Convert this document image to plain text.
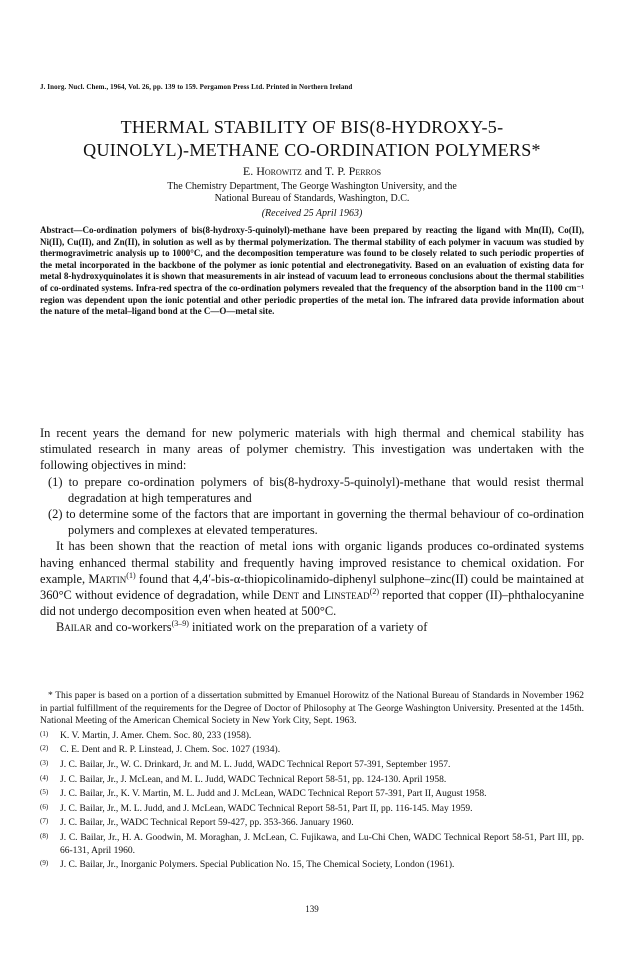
J. Inorg. Nucl. Chem., 1964, Vol. 26, pp. 139 to 159. Pergamon Press Ltd. Printed in Northern Ireland
THERMAL STABILITY OF BIS(8-HYDROXY-5-
QUINOLYL)-METHANE CO-ORDINATION POLYMERS*
E. Horowitz and T. P. Perros
The Chemistry Department, The George Washington University, and the
National Bureau of Standards, Washington, D.C.
(Received 25 April 1963)
Abstract—Co-ordination polymers of bis(8-hydroxy-5-quinolyl)-methane have been prepared by reacting the ligand with Mn(II), Co(II), Ni(II), Cu(II), and Zn(II), in solution as well as by thermal polymerization. The thermal stability of each polymer in vacuum was studied by thermogravimetric analysis up to 1000°C, and the decomposition temperature was found to be closely related to such periodic properties of the metal incorporated in the backbone of the polymer as ionic potential and electronegativity. Based on an evaluation of existing data for metal 8-hydroxyquinolates it is shown that measurements in air instead of vacuum lead to erroneous conclusions about the thermal stabilities of co-ordinated systems. Infra-red spectra of the co-ordination polymers revealed that the frequency of the absorption band in the 1100 cm⁻¹ region was dependent upon the ionic potential and other periodic properties of the metal ion. The infrared data provide information about the nature of the metal–ligand bond at the C—O—metal site.

In recent years the demand for new polymeric materials with high thermal and chemical stability has stimulated research in many areas of polymer chemistry. This investigation was undertaken with the following objectives in mind:

(1) to prepare co-ordination polymers of bis(8-hydroxy-5-quinolyl)-methane that would resist thermal degradation at high temperatures and

(2) to determine some of the factors that are important in governing the thermal behaviour of co-ordination polymers and complexes at elevated temperatures.

It has been shown that the reaction of metal ions with organic ligands produces co-ordinated systems having enhanced thermal stability and frequently having improved resistance to chemical oxidation. For example, Martin$^{(1)}$ found that 4,4′-bis-α-thiopicolinamido-diphenyl sulphone–zinc(II) could be maintained at 360°C without evidence of degradation, while Dent and Linstead$^{(2)}$ reported that copper (II)–phthalocyanine did not undergo decomposition even when heated at 500°C.

Bailar and co-workers$^{(3-9)}$ initiated work on the preparation of a variety of

* This paper is based on a portion of a dissertation submitted by Emanuel Horowitz of the National Bureau of Standards in November 1962 in partial fulfillment of the requirements for the Degree of Doctor of Philosophy at The George Washington University. Presented at the 145th. National Meeting of the American Chemical Society in New York City, Sept. 1963.

(1) K. V. Martin, J. Amer. Chem. Soc. 80, 233 (1958).

(2) C. E. Dent and R. P. Linstead, J. Chem. Soc. 1027 (1934).

(3) J. C. Bailar, Jr., W. C. Drinkard, Jr. and M. L. Judd, WADC Technical Report 57-391, September 1957.

(4) J. C. Bailar, Jr., J. McLean, and M. L. Judd, WADC Technical Report 58-51, pp. 124-130. April 1958.

(5) J. C. Bailar, Jr., K. V. Martin, M. L. Judd and J. McLean, WADC Technical Report 57-391, Part II, August 1958.

(6) J. C. Bailar, Jr., M. L. Judd, and J. McLean, WADC Technical Report 58-51, Part II, pp. 116-145. May 1959.

(7) J. C. Bailar, Jr., WADC Technical Report 59-427, pp. 353-366. January 1960.

(8) J. C. Bailar, Jr., H. A. Goodwin, M. Moraghan, J. McLean, C. Fujikawa, and Lu-Chi Chen, WADC Technical Report 58-51, Part III, pp. 66-131, April 1960.

(9) J. C. Bailar, Jr., Inorganic Polymers. Special Publication No. 15, The Chemical Society, London (1961).

139
